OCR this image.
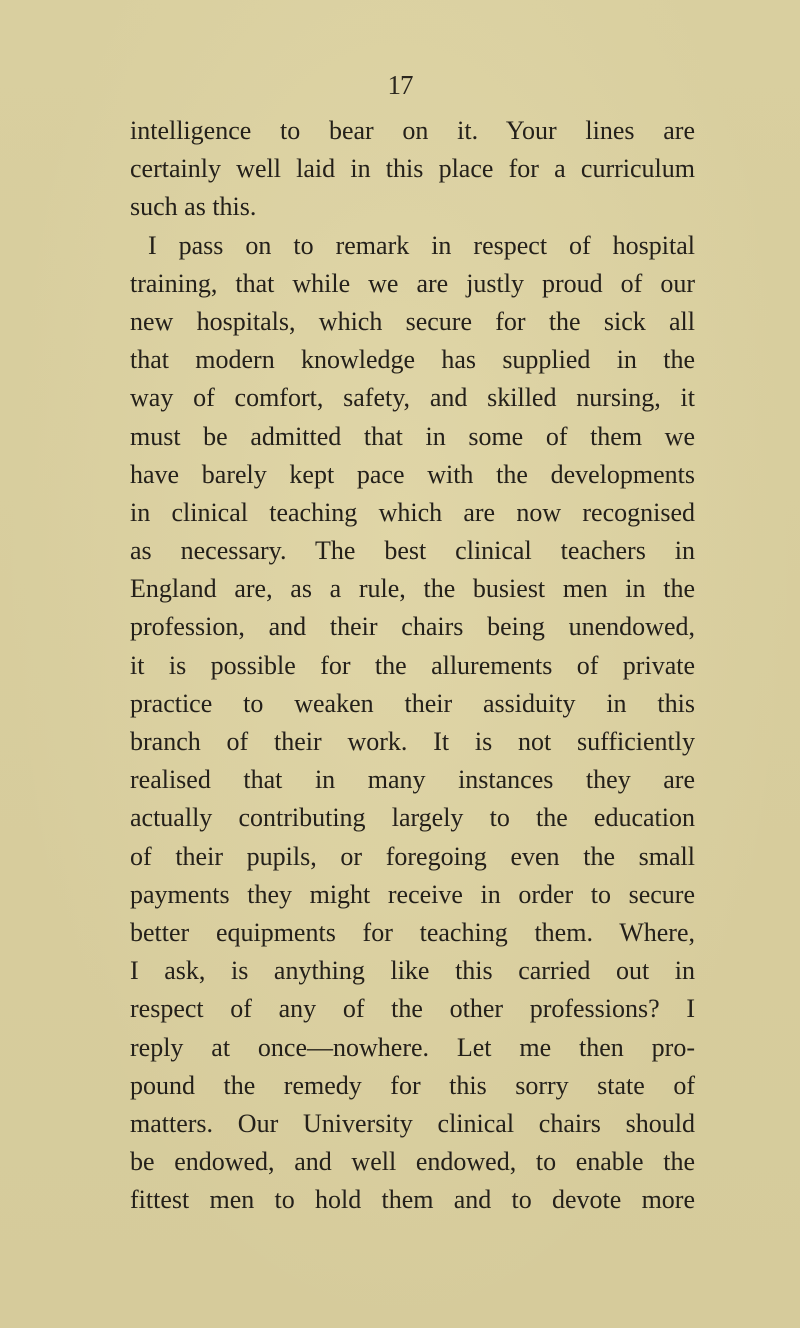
17
intelligence to bear on it. Your lines are
certainly well laid in this place for a curriculum
such as this.
I pass on to remark in respect of hospital
training, that while we are justly proud of our
new hospitals, which secure for the sick all
that modern knowledge has supplied in the
way of comfort, safety, and skilled nursing, it
must be admitted that in some of them we
have barely kept pace with the developments
in clinical teaching which are now recognised
as necessary. The best clinical teachers in
England are, as a rule, the busiest men in the
profession, and their chairs being unendowed,
it is possible for the allurements of private
practice to weaken their assiduity in this
branch of their work. It is not sufficiently
realised that in many instances they are
actually contributing largely to the education
of their pupils, or foregoing even the small
payments they might receive in order to secure
better equipments for teaching them. Where,
I ask, is anything like this carried out in
respect of any of the other professions? I
reply at once—nowhere. Let me then pro-
pound the remedy for this sorry state of
matters. Our University clinical chairs should
be endowed, and well endowed, to enable the
fittest men to hold them and to devote more
